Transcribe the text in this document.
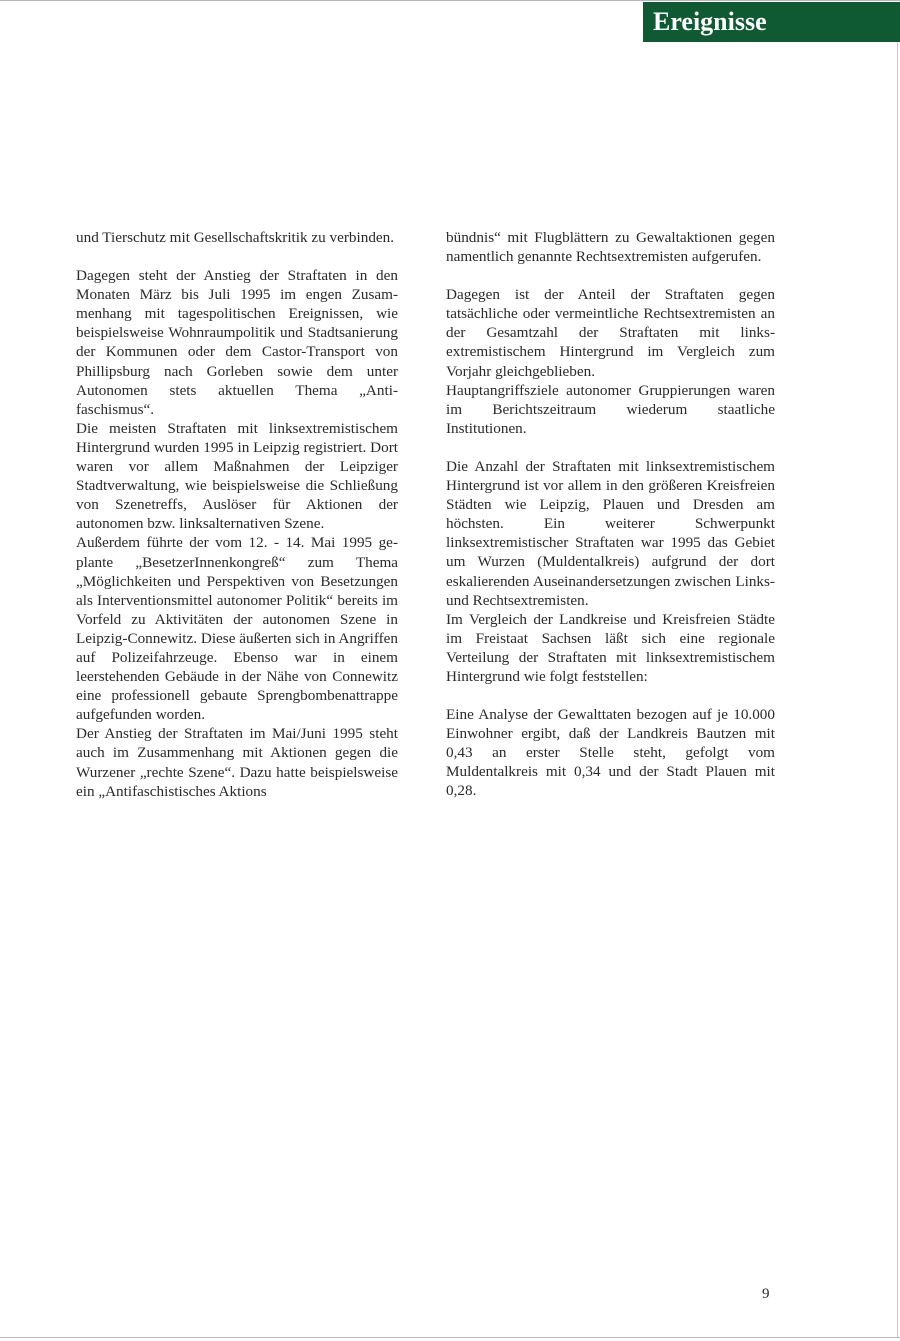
Ereignisse

und Tierschutz mit Gesellschaftskritik zu verbinden.

Dagegen steht der Anstieg der Straftaten in den Monaten März bis Juli 1995 im engen Zusammenhang mit tagespolitischen Ereignissen, wie beispielsweise Wohnraumpolitik und Stadtsanierung der Kommunen oder dem Castor-Transport von Phillipsburg nach Gorleben sowie dem unter Autonomen stets aktuellen Thema „Antifaschismus“.

Die meisten Straftaten mit linksextremistischem Hintergrund wurden 1995 in Leipzig registriert. Dort waren vor allem Maßnahmen der Leipziger Stadtverwaltung, wie beispielsweise die Schließung von Szenetreffs, Auslöser für Aktionen der autonomen bzw. linksalternativen Szene.

Außerdem führte der vom 12. - 14. Mai 1995 geplante „BesetzerInnenkongreß“ zum Thema „Möglichkeiten und Perspektiven von Besetzungen als Interventionsmittel autonomer Politik“ bereits im Vorfeld zu Aktivitäten der autonomen Szene in Leipzig-Connewitz. Diese äußerten sich in Angriffen auf Polizeifahrzeuge. Ebenso war in einem leerstehenden Gebäude in der Nähe von Connewitz eine professionell gebaute Sprengbombenattrappe aufgefunden worden.

Der Anstieg der Straftaten im Mai/Juni 1995 steht auch im Zusammenhang mit Aktionen gegen die Wurzener „rechte Szene“. Dazu hatte beispielsweise ein „Antifaschistisches Aktions

bündnis“ mit Flugblättern zu Gewaltaktionen gegen namentlich genannte Rechtsextremisten aufgerufen.

Dagegen ist der Anteil der Straftaten gegen tatsächliche oder vermeintliche Rechtsextremisten an der Gesamtzahl der Straftaten mit linksextremistischem Hintergrund im Vergleich zum Vorjahr gleichgeblieben.

Hauptangriffsziele autonomer Gruppierungen waren im Berichtszeitraum wiederum staatliche Institutionen.

Die Anzahl der Straftaten mit linksextremistischem Hintergrund ist vor allem in den größeren Kreisfreien Städten wie Leipzig, Plauen und Dresden am höchsten. Ein weiterer Schwerpunkt linksextremistischer Straftaten war 1995 das Gebiet um Wurzen (Muldentalkreis) aufgrund der dort eskalierenden Auseinandersetzungen zwischen Links- und Rechtsextremisten.

Im Vergleich der Landkreise und Kreisfreien Städte im Freistaat Sachsen läßt sich eine regionale Verteilung der Straftaten mit linksextremistischem Hintergrund wie folgt feststellen:

Eine Analyse der Gewalttaten bezogen auf je 10.000 Einwohner ergibt, daß der Landkreis Bautzen mit 0,43 an erster Stelle steht, gefolgt vom Muldentalkreis mit 0,34 und der Stadt Plauen mit 0,28.

9
